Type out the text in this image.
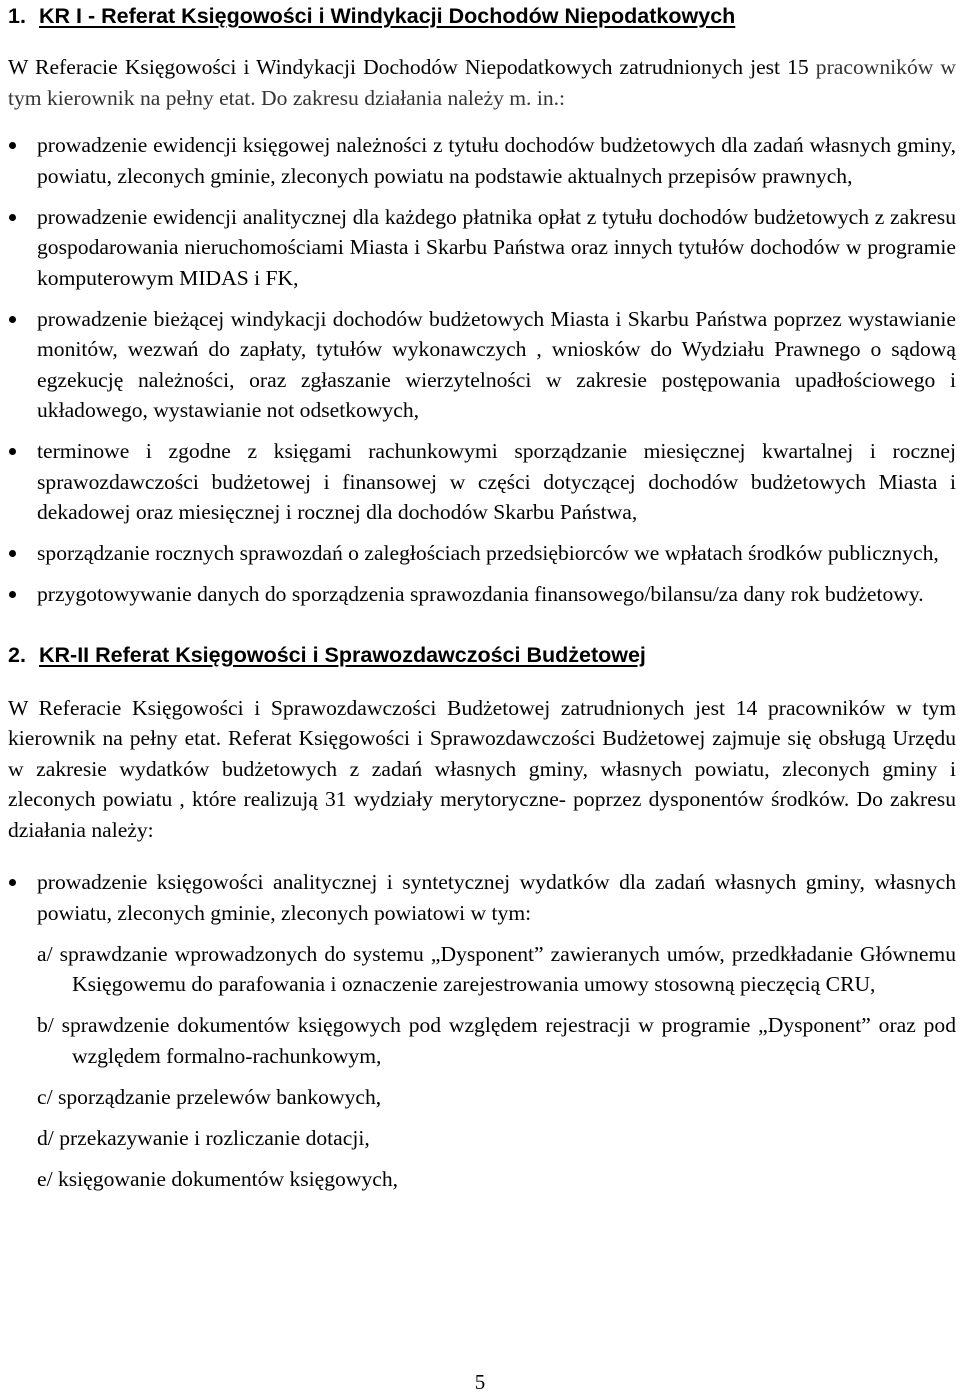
1. KR I - Referat Księgowości i Windykacji Dochodów Niepodatkowych

W Referacie Księgowości i Windykacji Dochodów Niepodatkowych zatrudnionych jest 15 pracowników w tym kierownik na pełny etat. Do zakresu działania należy m. in.:

prowadzenie ewidencji księgowej należności z tytułu dochodów budżetowych dla zadań własnych gminy, powiatu, zleconych gminie, zleconych powiatu na podstawie aktualnych przepisów prawnych,
prowadzenie ewidencji analitycznej dla każdego płatnika opłat z tytułu dochodów budżetowych z zakresu gospodarowania nieruchomościami Miasta i Skarbu Państwa oraz innych tytułów dochodów w programie komputerowym MIDAS i FK,
prowadzenie bieżącej windykacji dochodów budżetowych Miasta i Skarbu Państwa poprzez wystawianie monitów, wezwań do zapłaty, tytułów wykonawczych , wniosków do Wydziału Prawnego o sądową egzekucję należności, oraz zgłaszanie wierzytelności w zakresie postępowania upadłościowego i układowego, wystawianie not odsetkowych,
terminowe i zgodne z księgami rachunkowymi sporządzanie miesięcznej kwartalnej i rocznej sprawozdawczości budżetowej i finansowej w części dotyczącej dochodów budżetowych Miasta i dekadowej oraz miesięcznej i rocznej dla dochodów Skarbu Państwa,
sporządzanie rocznych sprawozdań o zaległościach przedsiębiorców we wpłatach środków publicznych,
przygotowywanie danych do sporządzenia sprawozdania finansowego/bilansu/za dany rok budżetowy.
2. KR-II Referat Księgowości i Sprawozdawczości Budżetowej

W Referacie Księgowości i Sprawozdawczości Budżetowej zatrudnionych jest 14 pracowników w tym kierownik na pełny etat. Referat Księgowości i Sprawozdawczości Budżetowej zajmuje się obsługą Urzędu w zakresie wydatków budżetowych z zadań własnych gminy, własnych powiatu, zleconych gminy i zleconych powiatu , które realizują 31 wydziały merytoryczne- poprzez dysponentów środków. Do zakresu działania należy:

prowadzenie księgowości analitycznej i syntetycznej wydatków dla zadań własnych gminy, własnych powiatu, zleconych gminie, zleconych powiatowi w tym:
a/ sprawdzanie wprowadzonych do systemu „Dysponent” zawieranych umów, przedkładanie Głównemu Księgowemu do parafowania i oznaczenie zarejestrowania umowy stosowną pieczęcią CRU,
b/ sprawdzenie dokumentów księgowych pod względem rejestracji w programie „Dysponent” oraz pod względem formalno-rachunkowym,
c/ sporządzanie przelewów bankowych,
d/ przekazywanie i rozliczanie dotacji,
e/ księgowanie dokumentów księgowych,
5
